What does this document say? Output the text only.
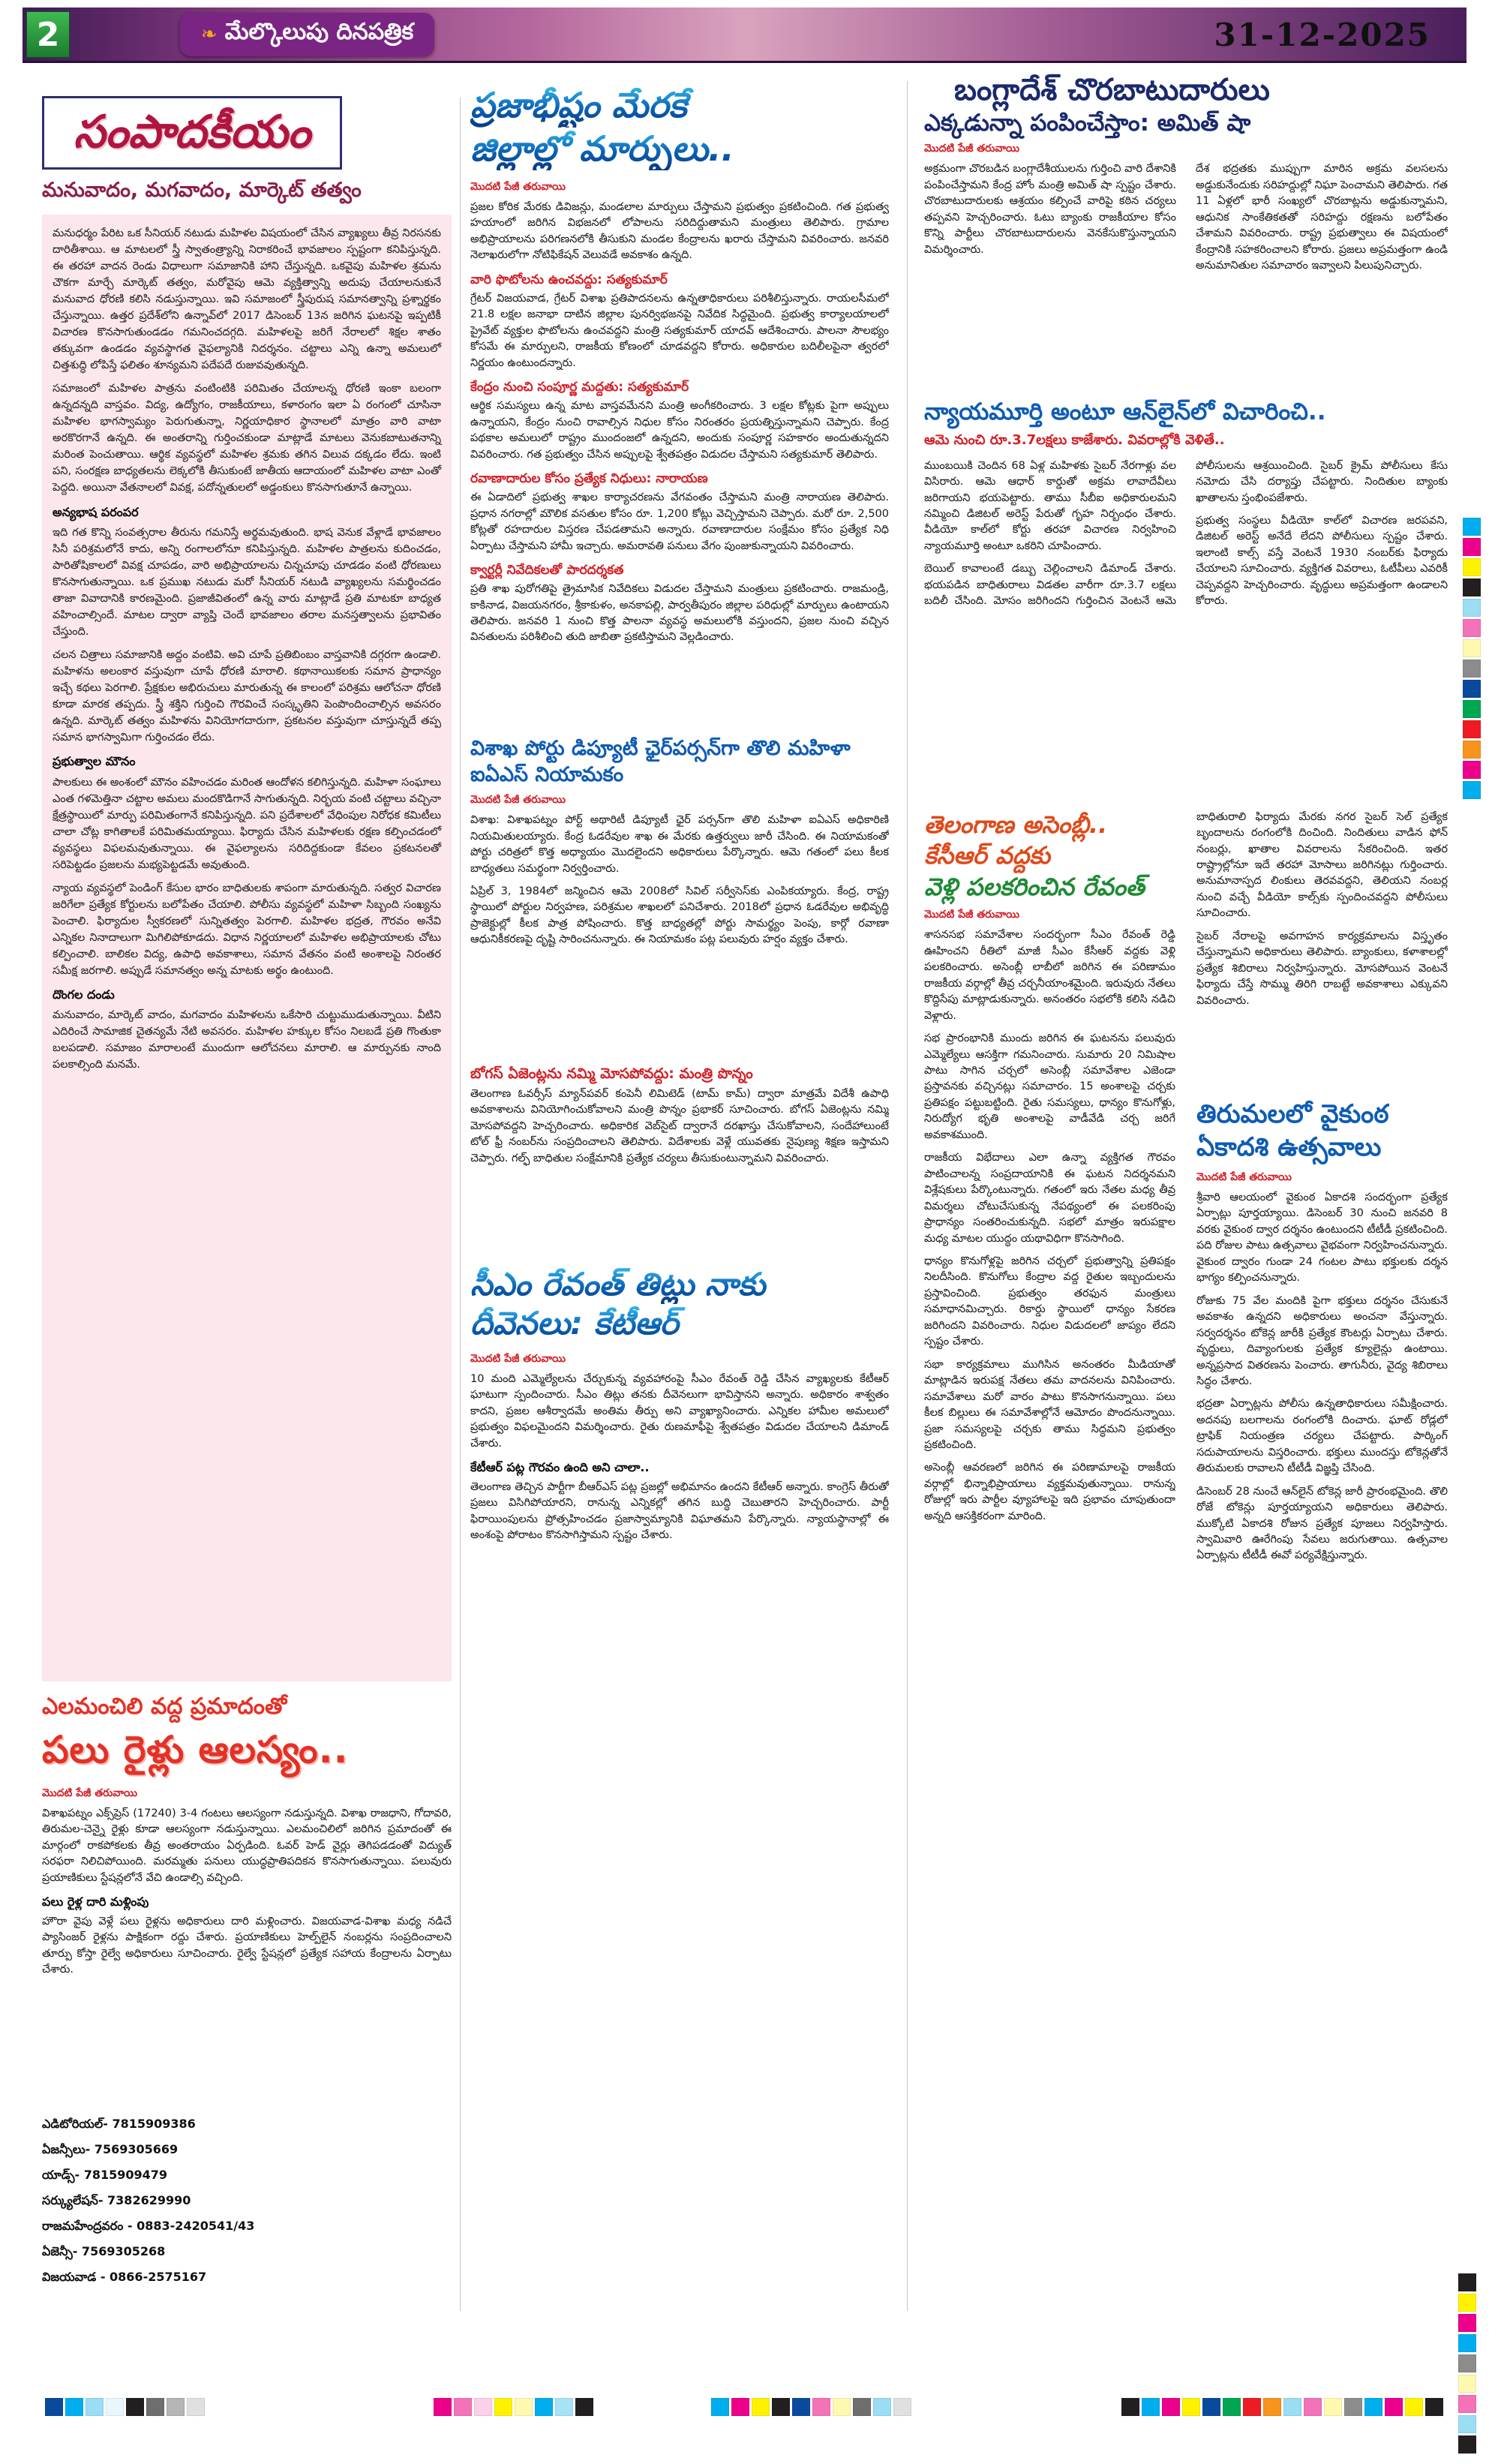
2	❧ మేల్కొలుపు దినపత్రిక	31-12-2025
సంపాదకీయం
మనువాదం, మగవాదం, మార్కెట్ తత్వం
మనుధర్మం పేరిట ఒక సీనియర్ నటుడు మహిళల విషయంలో చేసిన వ్యాఖ్యలు తీవ్ర నిరసనకు దారితీశాయి. ఆ మాటలలో స్త్రీ స్వాతంత్ర్యాన్ని నిరాకరించే భావజాలం స్పష్టంగా కనిపిస్తున్నది. ఈ తరహా వాదన రెండు విధాలుగా సమాజానికి హాని చేస్తున్నది. ఒకవైపు మహిళల శ్రమను చౌకగా మార్చే మార్కెట్ తత్వం, మరోవైపు ఆమె వ్యక్తిత్వాన్ని అదుపు చేయాలనుకునే మనువాద ధోరణి కలిసి నడుస్తున్నాయి. ఇవి సమాజంలో స్త్రీపురుష సమానత్వాన్ని ప్రశ్నార్థకం చేస్తున్నాయి. ఉత్తర ప్రదేశ్‌లోని ఉన్నావ్‌లో 2017 డిసెంబర్ 13న జరిగిన ఘటనపై ఇప్పటికీ విచారణ కొనసాగుతుండడం గమనించదగ్గది. మహిళలపై జరిగే నేరాలలో శిక్షల శాతం తక్కువగా ఉండడం వ్యవస్థాగత వైఫల్యానికి నిదర్శనం. చట్టాలు ఎన్ని ఉన్నా అమలులో చిత్తశుద్ధి లోపిస్తే ఫలితం శూన్యమని పదేపదే రుజువవుతున్నది.
సమాజంలో మహిళల పాత్రను వంటింటికి పరిమితం చేయాలన్న ధోరణి ఇంకా బలంగా ఉన్నదన్నది వాస్తవం. విద్య, ఉద్యోగం, రాజకీయాలు, కళారంగం ఇలా ఏ రంగంలో చూసినా మహిళల భాగస్వామ్యం పెరుగుతున్నా, నిర్ణయాధికార స్థానాలలో మాత్రం వారి వాటా అరకొరగానే ఉన్నది. ఈ అంతరాన్ని గుర్తించకుండా మాట్లాడే మాటలు వెనుకబాటుతనాన్ని మరింత పెంచుతాయి. ఆర్థిక వ్యవస్థలో మహిళల శ్రమకు తగిన విలువ దక్కడం లేదు. ఇంటి పని, సంరక్షణ బాధ్యతలను లెక్కలోకి తీసుకుంటే జాతీయ ఆదాయంలో మహిళల వాటా ఎంతో పెద్దది. అయినా వేతనాలలో వివక్ష, పదోన్నతులలో అడ్డంకులు కొనసాగుతూనే ఉన్నాయి.
అన్యభాష పరంపర
ఇది గత కొన్ని సంవత్సరాల తీరును గమనిస్తే అర్థమవుతుంది. భాష వెనుక వేళ్లాడే భావజాలం సినీ పరిశ్రమలోనే కాదు, అన్ని రంగాలలోనూ కనిపిస్తున్నది. మహిళల పాత్రలను కుదించడం, పారితోషికాలలో వివక్ష చూపడం, వారి అభిప్రాయాలను చిన్నచూపు చూడడం వంటి ధోరణులు కొనసాగుతున్నాయి. ఒక ప్రముఖ నటుడు మరో సీనియర్ నటుడి వ్యాఖ్యలను సమర్థించడం తాజా వివాదానికి కారణమైంది. ప్రజాజీవితంలో ఉన్న వారు మాట్లాడే ప్రతి మాటకూ బాధ్యత వహించాల్సిందే. మాటల ద్వారా వ్యాప్తి చెందే భావజాలం తరాల మనస్తత్వాలను ప్రభావితం చేస్తుంది.
చలన చిత్రాలు సమాజానికి అద్దం వంటివి. అవి చూపే ప్రతిబింబం వాస్తవానికి దగ్గరగా ఉండాలి. మహిళను అలంకార వస్తువుగా చూపే ధోరణి మారాలి. కథానాయికలకు సమాన ప్రాధాన్యం ఇచ్చే కథలు పెరగాలి. ప్రేక్షకుల అభిరుచులు మారుతున్న ఈ కాలంలో పరిశ్రమ ఆలోచనా ధోరణి కూడా మారక తప్పదు. స్త్రీ శక్తిని గుర్తించి గౌరవించే సంస్కృతిని పెంపొందించాల్సిన అవసరం ఉన్నది. మార్కెట్ తత్వం మహిళను వినియోగదారుగా, ప్రకటనల వస్తువుగా చూస్తున్నదే తప్ప సమాన భాగస్వామిగా గుర్తించడం లేదు.
ప్రభుత్వాల మౌనం
పాలకులు ఈ అంశంలో మౌనం వహించడం మరింత ఆందోళన కలిగిస్తున్నది. మహిళా సంఘాలు ఎంత గళమెత్తినా చట్టాల అమలు మందకొడిగానే సాగుతున్నది. నిర్భయ వంటి చట్టాలు వచ్చినా క్షేత్రస్థాయిలో మార్పు పరిమితంగానే కనిపిస్తున్నది. పని ప్రదేశాలలో వేధింపుల నిరోధక కమిటీలు చాలా చోట్ల కాగితాలకే పరిమితమయ్యాయి. ఫిర్యాదు చేసిన మహిళలకు రక్షణ కల్పించడంలో వ్యవస్థలు విఫలమవుతున్నాయి. ఈ వైఫల్యాలను సరిదిద్దకుండా కేవలం ప్రకటనలతో సరిపెట్టడం ప్రజలను మభ్యపెట్టడమే అవుతుంది.
న్యాయ వ్యవస్థలో పెండింగ్ కేసుల భారం బాధితులకు శాపంగా మారుతున్నది. సత్వర విచారణ జరిగేలా ప్రత్యేక కోర్టులను బలోపేతం చేయాలి. పోలీసు వ్యవస్థలో మహిళా సిబ్బంది సంఖ్యను పెంచాలి. ఫిర్యాదుల స్వీకరణలో సున్నితత్వం పెరగాలి. మహిళల భద్రత, గౌరవం అనేవి ఎన్నికల నినాదాలుగా మిగిలిపోకూడదు. విధాన నిర్ణయాలలో మహిళల అభిప్రాయాలకు చోటు కల్పించాలి. బాలికల విద్య, ఉపాధి అవకాశాలు, సమాన వేతనం వంటి అంశాలపై నిరంతర సమీక్ష జరగాలి. అప్పుడే సమానత్వం అన్న మాటకు అర్థం ఉంటుంది.
దొంగల దండు
మనువాదం, మార్కెట్ వాదం, మగవాదం మహిళలను ఒకేసారి చుట్టుముడుతున్నాయి. వీటిని ఎదిరించే సామాజిక చైతన్యమే నేటి అవసరం. మహిళల హక్కుల కోసం నిలబడే ప్రతి గొంతుకా బలపడాలి. సమాజం మారాలంటే ముందుగా ఆలోచనలు మారాలి. ఆ మార్పునకు నాంది పలకాల్సింది మనమే.
ఎలమంచిలి వద్ద ప్రమాదంతో
పలు రైళ్లు ఆలస్యం..
మొదటి పేజీ తరువాయి
విశాఖపట్నం ఎక్స్‌ప్రెస్ (17240) 3-4 గంటలు ఆలస్యంగా నడుస్తున్నది. విశాఖ రాజధాని, గోదావరి, తిరుమల-చెన్నై రైళ్లు కూడా ఆలస్యంగా నడుస్తున్నాయి. ఎలమంచిలిలో జరిగిన ప్రమాదంతో ఈ మార్గంలో రాకపోకలకు తీవ్ర అంతరాయం ఏర్పడింది. ఓవర్ హెడ్ వైర్లు తెగిపడడంతో విద్యుత్ సరఫరా నిలిచిపోయింది. మరమ్మతు పనులు యుద్ధప్రాతిపదికన కొనసాగుతున్నాయి. పలువురు ప్రయాణికులు స్టేషన్లలోనే వేచి ఉండాల్సి వచ్చింది.
పలు రైళ్ల దారి మళ్లింపు
హౌరా వైపు వెళ్లే పలు రైళ్లను అధికారులు దారి మళ్లించారు. విజయవాడ-విశాఖ మధ్య నడిచే ప్యాసింజర్ రైళ్లను పాక్షికంగా రద్దు చేశారు. ప్రయాణికులు హెల్ప్‌లైన్ నంబర్లను సంప్రదించాలని తూర్పు కోస్తా రైల్వే అధికారులు సూచించారు. రైల్వే స్టేషన్లలో ప్రత్యేక సహాయ కేంద్రాలను ఏర్పాటు చేశారు.
ఎడిటోరియల్- 7815909386
ఏజన్సీలు- 7569305669
యాడ్స్- 7815909479
సర్క్యులేషన్- 7382629990
రాజమహేంద్రవరం - 0883-2420541/43
ఏజెన్సీ- 7569305268
విజయవాడ - 0866-2575167
ప్రజాభీష్టం మేరకే
జిల్లాల్లో మార్పులు..
మొదటి పేజీ తరువాయి
ప్రజల కోరిక మేరకు డివిజన్లు, మండలాల మార్పులు చేస్తామని ప్రభుత్వం ప్రకటించింది. గత ప్రభుత్వ హయాంలో జరిగిన విభజనలో లోపాలను సరిదిద్దుతామని మంత్రులు తెలిపారు. గ్రామాల అభిప్రాయాలను పరిగణనలోకి తీసుకుని మండల కేంద్రాలను ఖరారు చేస్తామని వివరించారు. జనవరి నెలాఖరులోగా నోటిఫికేషన్ వెలువడే అవకాశం ఉన్నది.
వారి ఫొటోలను ఉంచవద్దు: సత్యకుమార్
గ్రేటర్ విజయవాడ, గ్రేటర్ విశాఖ ప్రతిపాదనలను ఉన్నతాధికారులు పరిశీలిస్తున్నారు. రాయలసీమలో 21.8 లక్షల జనాభా దాటిన జిల్లాల పునర్విభజనపై నివేదిక సిద్ధమైంది. ప్రభుత్వ కార్యాలయాలలో ప్రైవేట్ వ్యక్తుల ఫొటోలను ఉంచవద్దని మంత్రి సత్యకుమార్ యాదవ్ ఆదేశించారు. పాలనా సౌలభ్యం కోసమే ఈ మార్పులని, రాజకీయ కోణంలో చూడవద్దని కోరారు. అధికారుల బదిలీలపైనా త్వరలో నిర్ణయం ఉంటుందన్నారు.
కేంద్రం నుంచి సంపూర్ణ మద్దతు: సత్యకుమార్
ఆర్థిక సమస్యలు ఉన్న మాట వాస్తవమేనని మంత్రి అంగీకరించారు. 3 లక్షల కోట్లకు పైగా అప్పులు ఉన్నాయని, కేంద్రం నుంచి రావాల్సిన నిధుల కోసం నిరంతరం ప్రయత్నిస్తున్నామని చెప్పారు. కేంద్ర పథకాల అమలులో రాష్ట్రం ముందంజలో ఉన్నదని, అందుకు సంపూర్ణ సహకారం అందుతున్నదని వివరించారు. గత ప్రభుత్వం చేసిన అప్పులపై శ్వేతపత్రం విడుదల చేస్తామని సత్యకుమార్ తెలిపారు.
రవాణాదారుల కోసం ప్రత్యేక నిధులు: నారాయణ
ఈ ఏడాదిలో ప్రభుత్వ శాఖల కార్యాచరణను వేగవంతం చేస్తామని మంత్రి నారాయణ తెలిపారు. ప్రధాన నగరాల్లో మౌలిక వసతుల కోసం రూ. 1,200 కోట్లు వెచ్చిస్తామని చెప్పారు. మరో రూ. 2,500 కోట్లతో రహదారుల విస్తరణ చేపడతామని అన్నారు. రవాణాదారుల సంక్షేమం కోసం ప్రత్యేక నిధి ఏర్పాటు చేస్తామని హామీ ఇచ్చారు. అమరావతి పనులు వేగం పుంజుకున్నాయని వివరించారు.
క్వార్టర్లీ నివేదికలతో పారదర్శకత
ప్రతి శాఖ పురోగతిపై త్రైమాసిక నివేదికలు విడుదల చేస్తామని మంత్రులు ప్రకటించారు. రాజమండ్రి, కాకినాడ, విజయనగరం, శ్రీకాకుళం, అనకాపల్లి, పార్వతీపురం జిల్లాల పరిధుల్లో మార్పులు ఉంటాయని తెలిపారు. జనవరి 1 నుంచి కొత్త పాలనా వ్యవస్థ అమలులోకి వస్తుందని, ప్రజల నుంచి వచ్చిన వినతులను పరిశీలించి తుది జాబితా ప్రకటిస్తామని వెల్లడించారు.
విశాఖ పోర్టు డిప్యూటీ ఛైర్‌పర్సన్‌గా తొలి మహిళా ఐఏఎస్ నియామకం
మొదటి పేజీ తరువాయి
విశాఖ: విశాఖపట్నం పోర్ట్ అథారిటీ డిప్యూటీ ఛైర్ పర్సన్‌గా తొలి మహిళా ఐఏఎస్ అధికారిణి నియమితులయ్యారు. కేంద్ర ఓడరేవుల శాఖ ఈ మేరకు ఉత్తర్వులు జారీ చేసింది. ఈ నియామకంతో పోర్టు చరిత్రలో కొత్త అధ్యాయం మొదలైందని అధికారులు పేర్కొన్నారు. ఆమె గతంలో పలు కీలక బాధ్యతలు సమర్థంగా నిర్వర్తించారు.
ఏప్రిల్ 3, 1984లో జన్మించిన ఆమె 2008లో సివిల్ సర్వీసెస్‌కు ఎంపికయ్యారు. కేంద్ర, రాష్ట్ర స్థాయిలో పోర్టుల నిర్వహణ, పరిశ్రమల శాఖలలో పనిచేశారు. 2018లో ప్రధాన ఓడరేవుల అభివృద్ధి ప్రాజెక్టుల్లో కీలక పాత్ర పోషించారు. కొత్త బాధ్యతల్లో పోర్టు సామర్థ్యం పెంపు, కార్గో రవాణా ఆధునికీకరణపై దృష్టి సారించనున్నారు. ఈ నియామకం పట్ల పలువురు హర్షం వ్యక్తం చేశారు.
బోగస్ ఏజెంట్లను నమ్మి మోసపోవద్దు: మంత్రి పొన్నం
తెలంగాణ ఓవర్సీస్ మ్యాన్‌పవర్ కంపెనీ లిమిటెడ్ (టామ్ కామ్) ద్వారా మాత్రమే విదేశీ ఉపాధి అవకాశాలను వినియోగించుకోవాలని మంత్రి పొన్నం ప్రభాకర్ సూచించారు. బోగస్ ఏజెంట్లను నమ్మి మోసపోవద్దని హెచ్చరించారు. అధికారిక వెబ్‌సైట్ ద్వారానే దరఖాస్తు చేసుకోవాలని, సందేహాలుంటే టోల్ ఫ్రీ నంబర్‌ను సంప్రదించాలని తెలిపారు. విదేశాలకు వెళ్లే యువతకు నైపుణ్య శిక్షణ ఇస్తామని చెప్పారు. గల్ఫ్ బాధితుల సంక్షేమానికి ప్రత్యేక చర్యలు తీసుకుంటున్నామని వివరించారు.
సీఎం రేవంత్ తిట్లు నాకు
దీవెనలు: కేటీఆర్
మొదటి పేజీ తరువాయి
10 మంది ఎమ్మెల్యేలను చేర్చుకున్న వ్యవహారంపై సీఎం రేవంత్ రెడ్డి చేసిన వ్యాఖ్యలకు కేటీఆర్ ఘాటుగా స్పందించారు. సీఎం తిట్లు తనకు దీవెనలుగా భావిస్తానని అన్నారు. అధికారం శాశ్వతం కాదని, ప్రజల ఆశీర్వాదమే అంతిమ తీర్పు అని వ్యాఖ్యానించారు. ఎన్నికల హామీల అమలులో ప్రభుత్వం విఫలమైందని విమర్శించారు. రైతు రుణమాఫీపై శ్వేతపత్రం విడుదల చేయాలని డిమాండ్ చేశారు.
కేటీఆర్ పట్ల గౌరవం ఉంది అని చాలా..
తెలంగాణ తెచ్చిన పార్టీగా బీఆర్ఎస్ పట్ల ప్రజల్లో అభిమానం ఉందని కేటీఆర్ అన్నారు. కాంగ్రెస్ తీరుతో ప్రజలు విసిగిపోయారని, రానున్న ఎన్నికల్లో తగిన బుద్ధి చెబుతారని హెచ్చరించారు. పార్టీ ఫిరాయింపులను ప్రోత్సహించడం ప్రజాస్వామ్యానికి విఘాతమని పేర్కొన్నారు. న్యాయస్థానాల్లో ఈ అంశంపై పోరాటం కొనసాగిస్తామని స్పష్టం చేశారు.
బంగ్లాదేశ్ చొరబాటుదారులు
ఎక్కడున్నా పంపించేస్తాం: అమిత్ షా
మొదటి పేజీ తరువాయి
అక్రమంగా చొరబడిన బంగ్లాదేశీయులను గుర్తించి వారి దేశానికి పంపించేస్తామని కేంద్ర హోం మంత్రి అమిత్ షా స్పష్టం చేశారు. చొరబాటుదారులకు ఆశ్రయం కల్పించే వారిపై కఠిన చర్యలు తప్పవని హెచ్చరించారు. ఓటు బ్యాంకు రాజకీయాల కోసం కొన్ని పార్టీలు చొరబాటుదారులను వెనకేసుకొస్తున్నాయని విమర్శించారు.
దేశ భద్రతకు ముప్పుగా మారిన అక్రమ వలసలను అడ్డుకునేందుకు సరిహద్దుల్లో నిఘా పెంచామని తెలిపారు. గత 11 ఏళ్లలో భారీ సంఖ్యలో చొరబాట్లను అడ్డుకున్నామని, ఆధునిక సాంకేతికతతో సరిహద్దు రక్షణను బలోపేతం చేశామని వివరించారు. రాష్ట్ర ప్రభుత్వాలు ఈ విషయంలో కేంద్రానికి సహకరించాలని కోరారు. ప్రజలు అప్రమత్తంగా ఉండి అనుమానితుల సమాచారం ఇవ్వాలని పిలుపునిచ్చారు.
న్యాయమూర్తి అంటూ ఆన్‌లైన్‌లో విచారించి..
ఆమె నుంచి రూ.3.7లక్షలు కాజేశారు. వివరాల్లోకి వెళితే..
ముంబయికి చెందిన 68 ఏళ్ల మహిళకు సైబర్ నేరగాళ్లు వల విసిరారు. ఆమె ఆధార్ కార్డుతో అక్రమ లావాదేవీలు జరిగాయని భయపెట్టారు. తాము సీబీఐ అధికారులమని నమ్మించి డిజిటల్ అరెస్ట్ పేరుతో గృహ నిర్బంధం చేశారు. వీడియో కాల్‌లో కోర్టు తరహా విచారణ నిర్వహించి న్యాయమూర్తి అంటూ ఒకరిని చూపించారు.
బెయిల్ కావాలంటే డబ్బు చెల్లించాలని డిమాండ్ చేశారు. భయపడిన బాధితురాలు విడతల వారీగా రూ.3.7 లక్షలు బదిలీ చేసింది. మోసం జరిగిందని గుర్తించిన వెంటనే ఆమె పోలీసులను ఆశ్రయించింది. సైబర్ క్రైమ్ పోలీసులు కేసు నమోదు చేసి దర్యాప్తు చేపట్టారు. నిందితుల బ్యాంకు ఖాతాలను స్తంభింపజేశారు.
ప్రభుత్వ సంస్థలు వీడియో కాల్‌లో విచారణ జరపవని, డిజిటల్ అరెస్ట్ అనేదే లేదని పోలీసులు స్పష్టం చేశారు. ఇలాంటి కాల్స్ వస్తే వెంటనే 1930 నంబర్‌కు ఫిర్యాదు చేయాలని సూచించారు. వ్యక్తిగత వివరాలు, ఓటీపీలు ఎవరికీ చెప్పవద్దని హెచ్చరించారు. వృద్ధులు అప్రమత్తంగా ఉండాలని కోరారు.
తెలంగాణ అసెంబ్లీ.. కేసీఆర్ వద్దకు
వెళ్లి పలకరించిన రేవంత్
మొదటి పేజీ తరువాయి
శాసనసభ సమావేశాల సందర్భంగా సీఎం రేవంత్ రెడ్డి ఊహించని రీతిలో మాజీ సీఎం కేసీఆర్ వద్దకు వెళ్లి పలకరించారు. అసెంబ్లీ లాబీలో జరిగిన ఈ పరిణామం రాజకీయ వర్గాల్లో తీవ్ర చర్చనీయాంశమైంది. ఇరువురు నేతలు కొద్దిసేపు మాట్లాడుకున్నారు. అనంతరం సభలోకి కలిసి నడిచి వెళ్లారు.
సభ ప్రారంభానికి ముందు జరిగిన ఈ ఘటనను పలువురు ఎమ్మెల్యేలు ఆసక్తిగా గమనించారు. సుమారు 20 నిమిషాల పాటు సాగిన చర్చలో అసెంబ్లీ సమావేశాల ఎజెండా ప్రస్తావనకు వచ్చినట్లు సమాచారం. 15 అంశాలపై చర్చకు ప్రతిపక్షం పట్టుబట్టింది. రైతు సమస్యలు, ధాన్యం కొనుగోళ్లు, నిరుద్యోగ భృతి అంశాలపై వాడీవేడి చర్చ జరిగే అవకాశముంది.
రాజకీయ విభేదాలు ఎలా ఉన్నా వ్యక్తిగత గౌరవం పాటించాలన్న సంప్రదాయానికి ఈ ఘటన నిదర్శనమని విశ్లేషకులు పేర్కొంటున్నారు. గతంలో ఇరు నేతల మధ్య తీవ్ర విమర్శలు చోటుచేసుకున్న నేపథ్యంలో ఈ పలకరింపు ప్రాధాన్యం సంతరించుకున్నది. సభలో మాత్రం ఇరుపక్షాల మధ్య మాటల యుద్ధం యథావిధిగా కొనసాగింది.
ధాన్యం కొనుగోళ్లపై జరిగిన చర్చలో ప్రభుత్వాన్ని ప్రతిపక్షం నిలదీసింది. కొనుగోలు కేంద్రాల వద్ద రైతుల ఇబ్బందులను ప్రస్తావించింది. ప్రభుత్వం తరఫున మంత్రులు సమాధానమిచ్చారు. రికార్డు స్థాయిలో ధాన్యం సేకరణ జరిగిందని వివరించారు. నిధుల విడుదలలో జాప్యం లేదని స్పష్టం చేశారు.
సభా కార్యక్రమాలు ముగిసిన అనంతరం మీడియాతో మాట్లాడిన ఇరుపక్ష నేతలు తమ వాదనలను వినిపించారు. సమావేశాలు మరో వారం పాటు కొనసాగనున్నాయి. పలు కీలక బిల్లులు ఈ సమావేశాల్లోనే ఆమోదం పొందనున్నాయి. ప్రజా సమస్యలపై చర్చకు తాము సిద్ధమని ప్రభుత్వం ప్రకటించింది.
అసెంబ్లీ ఆవరణలో జరిగిన ఈ పరిణామాలపై రాజకీయ వర్గాల్లో భిన్నాభిప్రాయాలు వ్యక్తమవుతున్నాయి. రానున్న రోజుల్లో ఇరు పార్టీల వ్యూహాలపై ఇది ప్రభావం చూపుతుందా అన్నది ఆసక్తికరంగా మారింది.
బాధితురాలి ఫిర్యాదు మేరకు నగర సైబర్ సెల్ ప్రత్యేక బృందాలను రంగంలోకి దించింది. నిందితులు వాడిన ఫోన్ నంబర్లు, ఖాతాల వివరాలను సేకరించింది. ఇతర రాష్ట్రాల్లోనూ ఇదే తరహా మోసాలు జరిగినట్లు గుర్తించారు. అనుమానాస్పద లింకులు తెరవవద్దని, తెలియని నంబర్ల నుంచి వచ్చే వీడియో కాల్స్‌కు స్పందించవద్దని పోలీసులు సూచించారు.
సైబర్ నేరాలపై అవగాహన కార్యక్రమాలను విస్తృతం చేస్తున్నామని అధికారులు తెలిపారు. బ్యాంకులు, కళాశాలల్లో ప్రత్యేక శిబిరాలు నిర్వహిస్తున్నారు. మోసపోయిన వెంటనే ఫిర్యాదు చేస్తే సొమ్ము తిరిగి రాబట్టే అవకాశాలు ఎక్కువని వివరించారు.
తిరుమలలో వైకుంఠ
ఏకాదశి ఉత్సవాలు
మొదటి పేజీ తరువాయి
శ్రీవారి ఆలయంలో వైకుంఠ ఏకాదశి సందర్భంగా ప్రత్యేక ఏర్పాట్లు పూర్తయ్యాయి. డిసెంబర్ 30 నుంచి జనవరి 8 వరకు వైకుంఠ ద్వార దర్శనం ఉంటుందని టీటీడీ ప్రకటించింది. పది రోజుల పాటు ఉత్సవాలు వైభవంగా నిర్వహించనున్నారు. వైకుంఠ ద్వారం గుండా 24 గంటల పాటు భక్తులకు దర్శన భాగ్యం కల్పించనున్నారు.
రోజుకు 75 వేల మందికి పైగా భక్తులు దర్శనం చేసుకునే అవకాశం ఉన్నదని అధికారులు అంచనా వేస్తున్నారు. సర్వదర్శనం టోకెన్ల జారీకి ప్రత్యేక కౌంటర్లు ఏర్పాటు చేశారు. వృద్ధులు, దివ్యాంగులకు ప్రత్యేక క్యూలైన్లు ఉంటాయి. అన్నప్రసాద వితరణను పెంచారు. తాగునీరు, వైద్య శిబిరాలు సిద్ధం చేశారు.
భద్రతా ఏర్పాట్లను పోలీసు ఉన్నతాధికారులు సమీక్షించారు. అదనపు బలగాలను రంగంలోకి దించారు. ఘాట్ రోడ్లలో ట్రాఫిక్ నియంత్రణ చర్యలు చేపట్టారు. పార్కింగ్ సదుపాయాలను విస్తరించారు. భక్తులు ముందస్తు టోకెన్లతోనే తిరుమలకు రావాలని టీటీడీ విజ్ఞప్తి చేసింది.
డిసెంబర్ 28 నుంచే ఆన్‌లైన్ టోకెన్ల జారీ ప్రారంభమైంది. తొలి రోజే టోకెన్లు పూర్తయ్యాయని అధికారులు తెలిపారు. ముక్కోటి ఏకాదశి రోజున ప్రత్యేక పూజలు నిర్వహిస్తారు. స్వామివారి ఊరేగింపు సేవలు జరుగుతాయి. ఉత్సవాల ఏర్పాట్లను టీటీడీ ఈవో పర్యవేక్షిస్తున్నారు.
